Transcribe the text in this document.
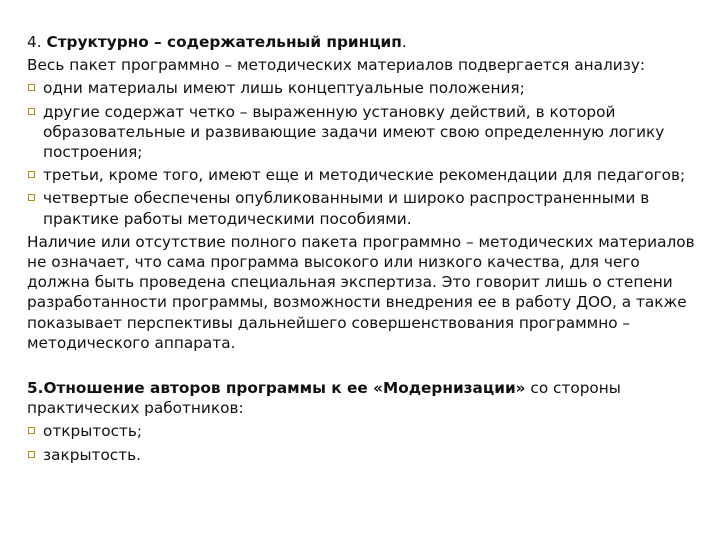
4. Структурно – содержательный принцип.

Весь пакет программно – методических материалов подвергается анализу:

одни материалы имеют лишь концептуальные положения;
другие содержат четко – выраженную установку действий, в которой образовательные и развивающие задачи имеют свою определенную логику построения;
третьи, кроме того, имеют еще и методические рекомендации для педагогов;
четвертые обеспечены опубликованными и широко распространенными в практике работы методическими пособиями.

Наличие или отсутствие полного пакета программно – методических материалов не означает, что сама программа высокого или низкого качества, для чего должна быть проведена специальная экспертиза. Это говорит лишь о степени разработанности программы, возможности внедрения ее в работу ДОО, а также показывает перспективы дальнейшего совершенствования программно – методического аппарата.

5.Отношение авторов программы к ее «Модернизации» со стороны практических работников:

открытость;
закрытость.
